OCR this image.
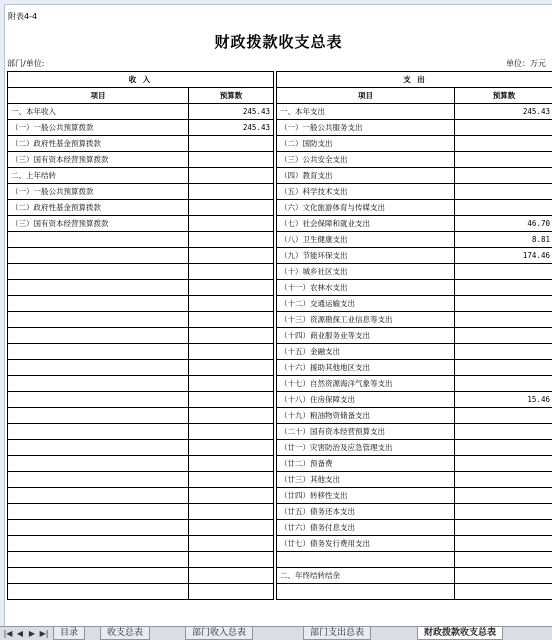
附表4-4
财政拨款收支总表
部门/单位:	单位：万元
收 入			支 出	
项目	预算数		项目	预算数
一、本年收入	245.43		一、本年支出	245.43
（一）一般公共预算拨款	245.43		（一）一般公共服务支出	
（二）政府性基金预算拨款			（二）国防支出	
（三）国有资本经营预算拨款			（三）公共安全支出	
二、上年结转			（四）教育支出	
（一）一般公共预算拨款			（五）科学技术支出	
（二）政府性基金预算拨款			（六）文化旅游体育与传媒支出	
（三）国有资本经营预算拨款			（七）社会保障和就业支出	46.70
			（八）卫生健康支出	8.81
			（九）节能环保支出	174.46
			（十）城乡社区支出	
			（十一）农林水支出	
			（十二）交通运输支出	
			（十三）资源勘探工业信息等支出	
			（十四）商业服务业等支出	
			（十五）金融支出	
			（十六）援助其他地区支出	
			（十七）自然资源海洋气象等支出	
			（十八）住房保障支出	15.46
			（十九）粮油物资储备支出	
			（二十）国有资本经营预算支出	
			（廿一）灾害防治及应急管理支出	
			（廿二）预备费	
			（廿三）其他支出	
			（廿四）转移性支出	
			（廿五）债务还本支出	
			（廿六）债务付息支出	
			（廿七）债务发行费用支出	

			二、年终结转结余	

|◀ ◀ ▶ ▶|	目录	收支总表	部门收入总表	部门支出总表	财政拨款收支总表
